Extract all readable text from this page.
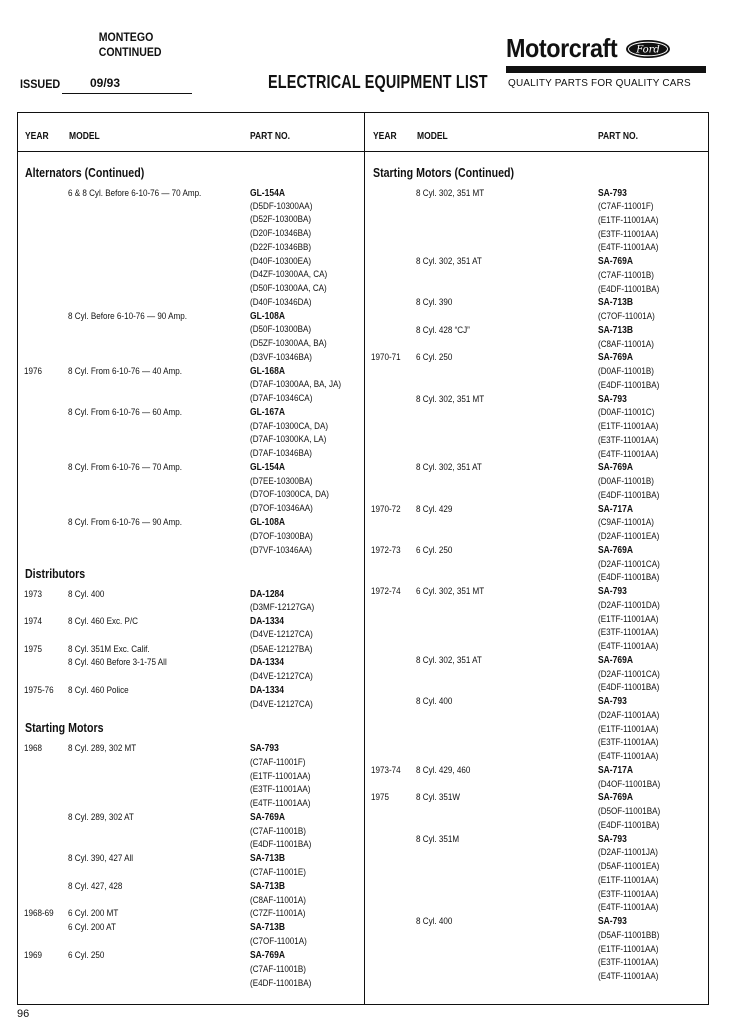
MONTEGO
CONTINUED
ISSUED 09/93	ELECTRICAL EQUIPMENT LIST
Motorcraft Ford
QUALITY PARTS FOR QUALITY CARS
YEAR MODEL	PART NO.	YEAR MODEL	PART NO.
Alternators (Continued)
6 & 8 Cyl. Before 6-10-76 — 70 Amp.	GL-154A
(D5DF-10300AA)
(D52F-10300BA)
(D20F-10346BA)
(D22F-10346BB)
(D40F-10300EA)
(D4ZF-10300AA, CA)
(D50F-10300AA, CA)
(D40F-10346DA)
8 Cyl. Before 6-10-76 — 90 Amp.	GL-108A
(D50F-10300BA)
(D5ZF-10300AA, BA)
(D3VF-10346BA)
1976	8 Cyl. From 6-10-76 — 40 Amp.	GL-168A
(D7AF-10300AA, BA, JA)
(D7AF-10346CA)
8 Cyl. From 6-10-76 — 60 Amp.	GL-167A
(D7AF-10300CA, DA)
(D7AF-10300KA, LA)
(D7AF-10346BA)
8 Cyl. From 6-10-76 — 70 Amp.	GL-154A
(D7EE-10300BA)
(D7OF-10300CA, DA)
(D7OF-10346AA)
8 Cyl. From 6-10-76 — 90 Amp.	GL-108A
(D7OF-10300BA)
(D7VF-10346AA)
Distributors
1973	8 Cyl. 400	DA-1284
(D3MF-12127GA)
1974	8 Cyl. 460 Exc. P/C	DA-1334
(D4VE-12127CA)
1975	8 Cyl. 351M Exc. Calif.	(D5AE-12127BA)
8 Cyl. 460 Before 3-1-75 All	DA-1334
(D4VE-12127CA)
1975-76 8 Cyl. 460 Police	DA-1334
(D4VE-12127CA)
Starting Motors
1968	8 Cyl. 289, 302 MT	SA-793
(C7AF-11001F)
(E1TF-11001AA)
(E3TF-11001AA)
(E4TF-11001AA)
8 Cyl. 289, 302 AT	SA-769A
(C7AF-11001B)
(E4DF-11001BA)
8 Cyl. 390, 427 All	SA-713B
(C7AF-11001E)
8 Cyl. 427, 428	SA-713B
(C8AF-11001A)
1968-69 6 Cyl. 200 MT	(C7ZF-11001A)
6 Cyl. 200 AT	SA-713B
(C7OF-11001A)
1969	6 Cyl. 250	SA-769A
(C7AF-11001B)
(E4DF-11001BA)
Starting Motors (Continued)
8 Cyl. 302, 351 MT	SA-793
(C7AF-11001F)
(E1TF-11001AA)
(E3TF-11001AA)
(E4TF-11001AA)
8 Cyl. 302, 351 AT	SA-769A
(C7AF-11001B)
(E4DF-11001BA)
8 Cyl. 390	SA-713B
(C7OF-11001A)
8 Cyl. 428 “CJ”	SA-713B
(C8AF-11001A)
1970-71 6 Cyl. 250	SA-769A
(D0AF-11001B)
(E4DF-11001BA)
8 Cyl. 302, 351 MT	SA-793
(D0AF-11001C)
(E1TF-11001AA)
(E3TF-11001AA)
(E4TF-11001AA)
8 Cyl. 302, 351 AT	SA-769A
(D0AF-11001B)
(E4DF-11001BA)
1970-72 8 Cyl. 429	SA-717A
(C9AF-11001A)
(D2AF-11001EA)
1972-73 6 Cyl. 250	SA-769A
(D2AF-11001CA)
(E4DF-11001BA)
1972-74 6 Cyl. 302, 351 MT	SA-793
(D2AF-11001DA)
(E1TF-11001AA)
(E3TF-11001AA)
(E4TF-11001AA)
8 Cyl. 302, 351 AT	SA-769A
(D2AF-11001CA)
(E4DF-11001BA)
8 Cyl. 400	SA-793
(D2AF-11001AA)
(E1TF-11001AA)
(E3TF-11001AA)
(E4TF-11001AA)
1973-74 8 Cyl. 429, 460	SA-717A
(D4OF-11001BA)
1975	8 Cyl. 351W	SA-769A
(D5OF-11001BA)
(E4DF-11001BA)
8 Cyl. 351M	SA-793
(D2AF-11001JA)
(D5AF-11001EA)
(E1TF-11001AA)
(E3TF-11001AA)
(E4TF-11001AA)
8 Cyl. 400	SA-793
(D5AF-11001BB)
(E1TF-11001AA)
(E3TF-11001AA)
(E4TF-11001AA)
96
